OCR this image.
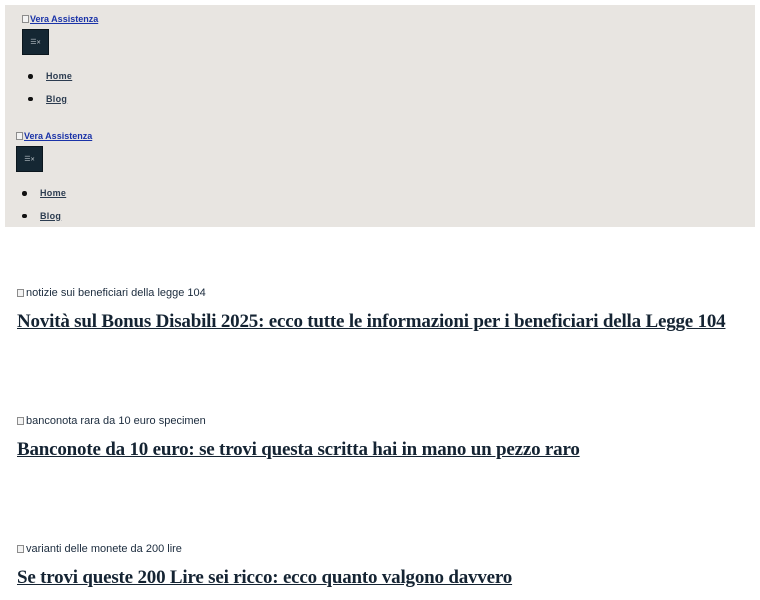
Vera Assistenza
☰✕
Home
Blog
Vera Assistenza
☰✕
Home
Blog
notizie sui beneficiari della legge 104
Novità sul Bonus Disabili 2025: ecco tutte le informazioni per i beneficiari della Legge 104
banconota rara da 10 euro specimen
Banconote da 10 euro: se trovi questa scritta hai in mano un pezzo raro
varianti delle monete da 200 lire
Se trovi queste 200 Lire sei ricco: ecco quanto valgono davvero
